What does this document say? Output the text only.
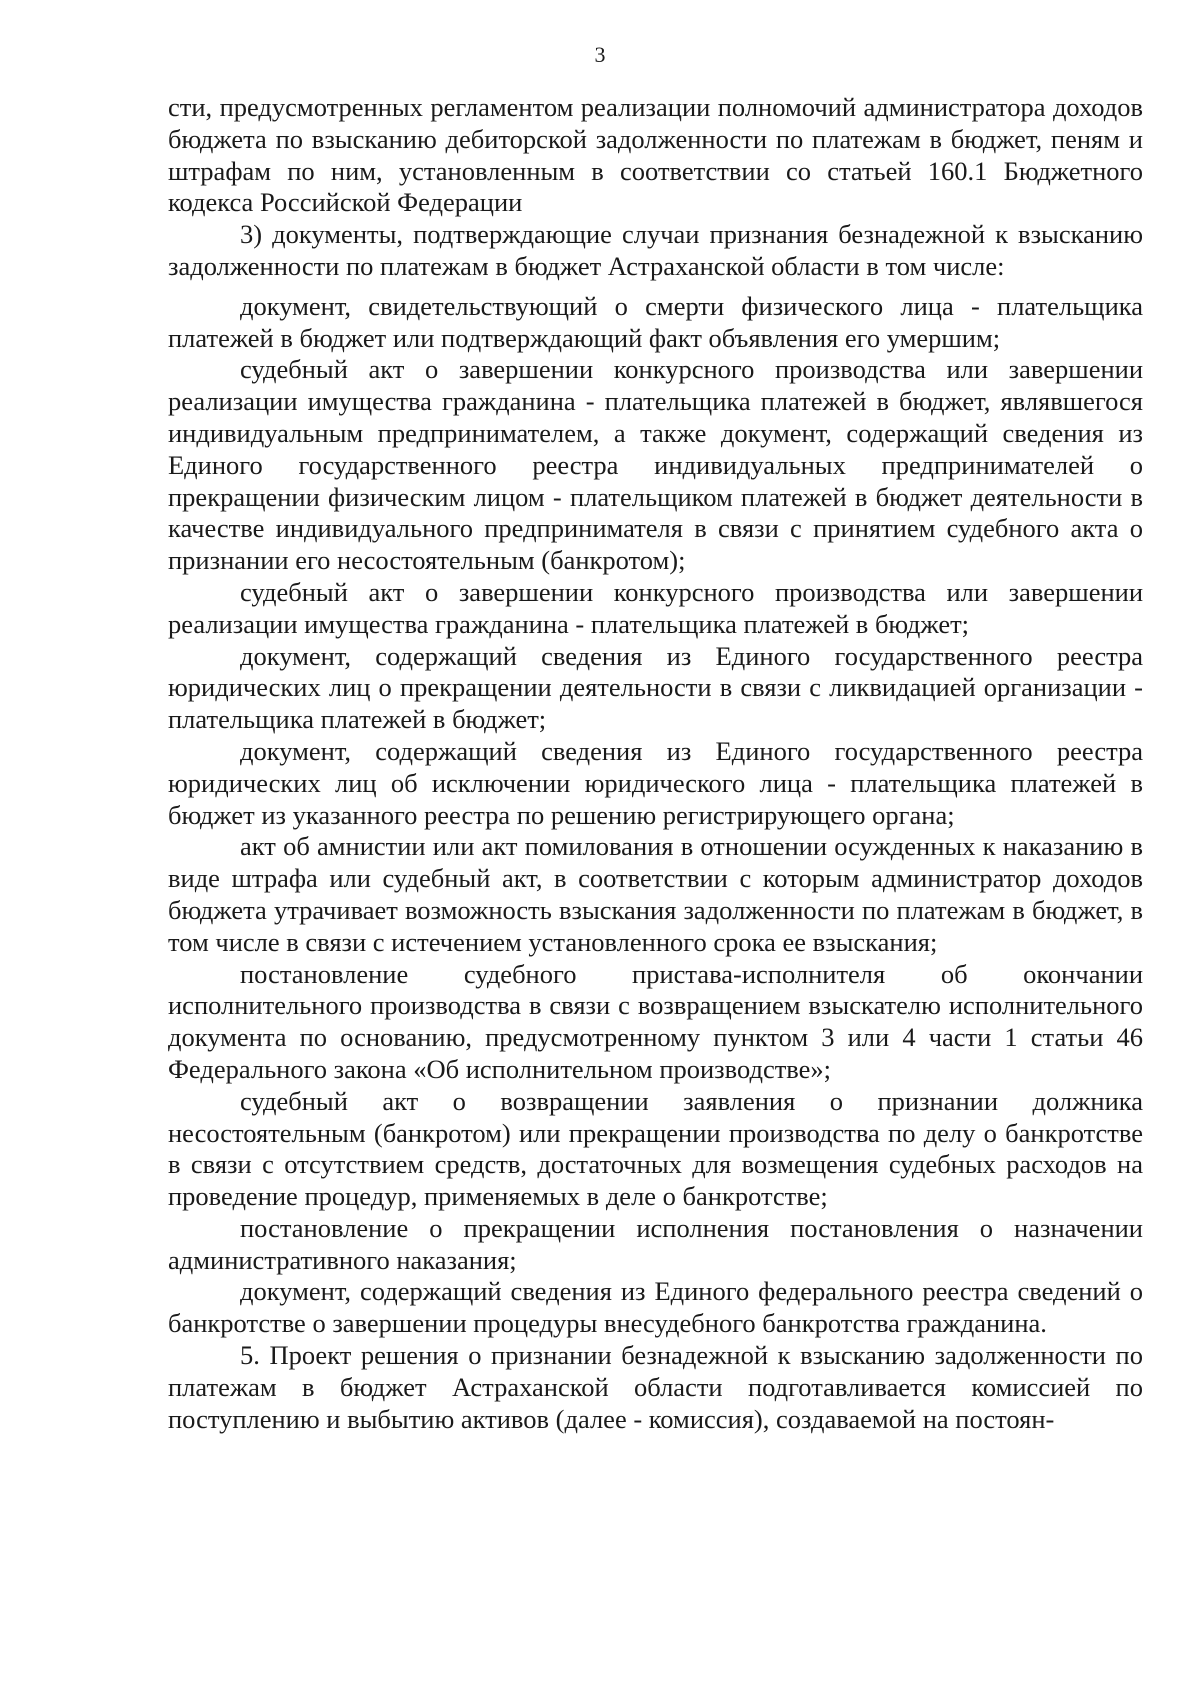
3

сти, предусмотренных регламентом реализации полномочий администратора доходов бюджета по взысканию дебиторской задолженности по платежам в бюджет, пеням и штрафам по ним, установленным в соответствии со статьей 160.1 Бюджетного кодекса Российской Федерации

3) документы, подтверждающие случаи признания безнадежной к взысканию задолженности по платежам в бюджет Астраханской области в том числе:

документ, свидетельствующий о смерти физического лица - плательщика платежей в бюджет или подтверждающий факт объявления его умершим;

судебный акт о завершении конкурсного производства или завершении реализации имущества гражданина - плательщика платежей в бюджет, являвшегося индивидуальным предпринимателем, а также документ, содержащий сведения из Единого государственного реестра индивидуальных предпринимателей о прекращении физическим лицом - плательщиком платежей в бюджет деятельности в качестве индивидуального предпринимателя в связи с принятием судебного акта о признании его несостоятельным (банкротом);

судебный акт о завершении конкурсного производства или завершении реализации имущества гражданина - плательщика платежей в бюджет;

документ, содержащий сведения из Единого государственного реестра юридических лиц о прекращении деятельности в связи с ликвидацией организации - плательщика платежей в бюджет;

документ, содержащий сведения из Единого государственного реестра юридических лиц об исключении юридического лица - плательщика платежей в бюджет из указанного реестра по решению регистрирующего органа;

акт об амнистии или акт помилования в отношении осужденных к наказанию в виде штрафа или судебный акт, в соответствии с которым администратор доходов бюджета утрачивает возможность взыскания задолженности по платежам в бюджет, в том числе в связи с истечением установленного срока ее взыскания;

постановление судебного пристава-исполнителя об окончании исполнительного производства в связи с возвращением взыскателю исполнительного документа по основанию, предусмотренному пунктом 3 или 4 части 1 статьи 46 Федерального закона «Об исполнительном производстве»;

судебный акт о возвращении заявления о признании должника несостоятельным (банкротом) или прекращении производства по делу о банкротстве в связи с отсутствием средств, достаточных для возмещения судебных расходов на проведение процедур, применяемых в деле о банкротстве;

постановление о прекращении исполнения постановления о назначении административного наказания;

документ, содержащий сведения из Единого федерального реестра сведений о банкротстве о завершении процедуры внесудебного банкротства гражданина.

5. Проект решения о признании безнадежной к взысканию задолженности по платежам в бюджет Астраханской области подготавливается комиссией по поступлению и выбытию активов (далее - комиссия), создаваемой на постоян-
